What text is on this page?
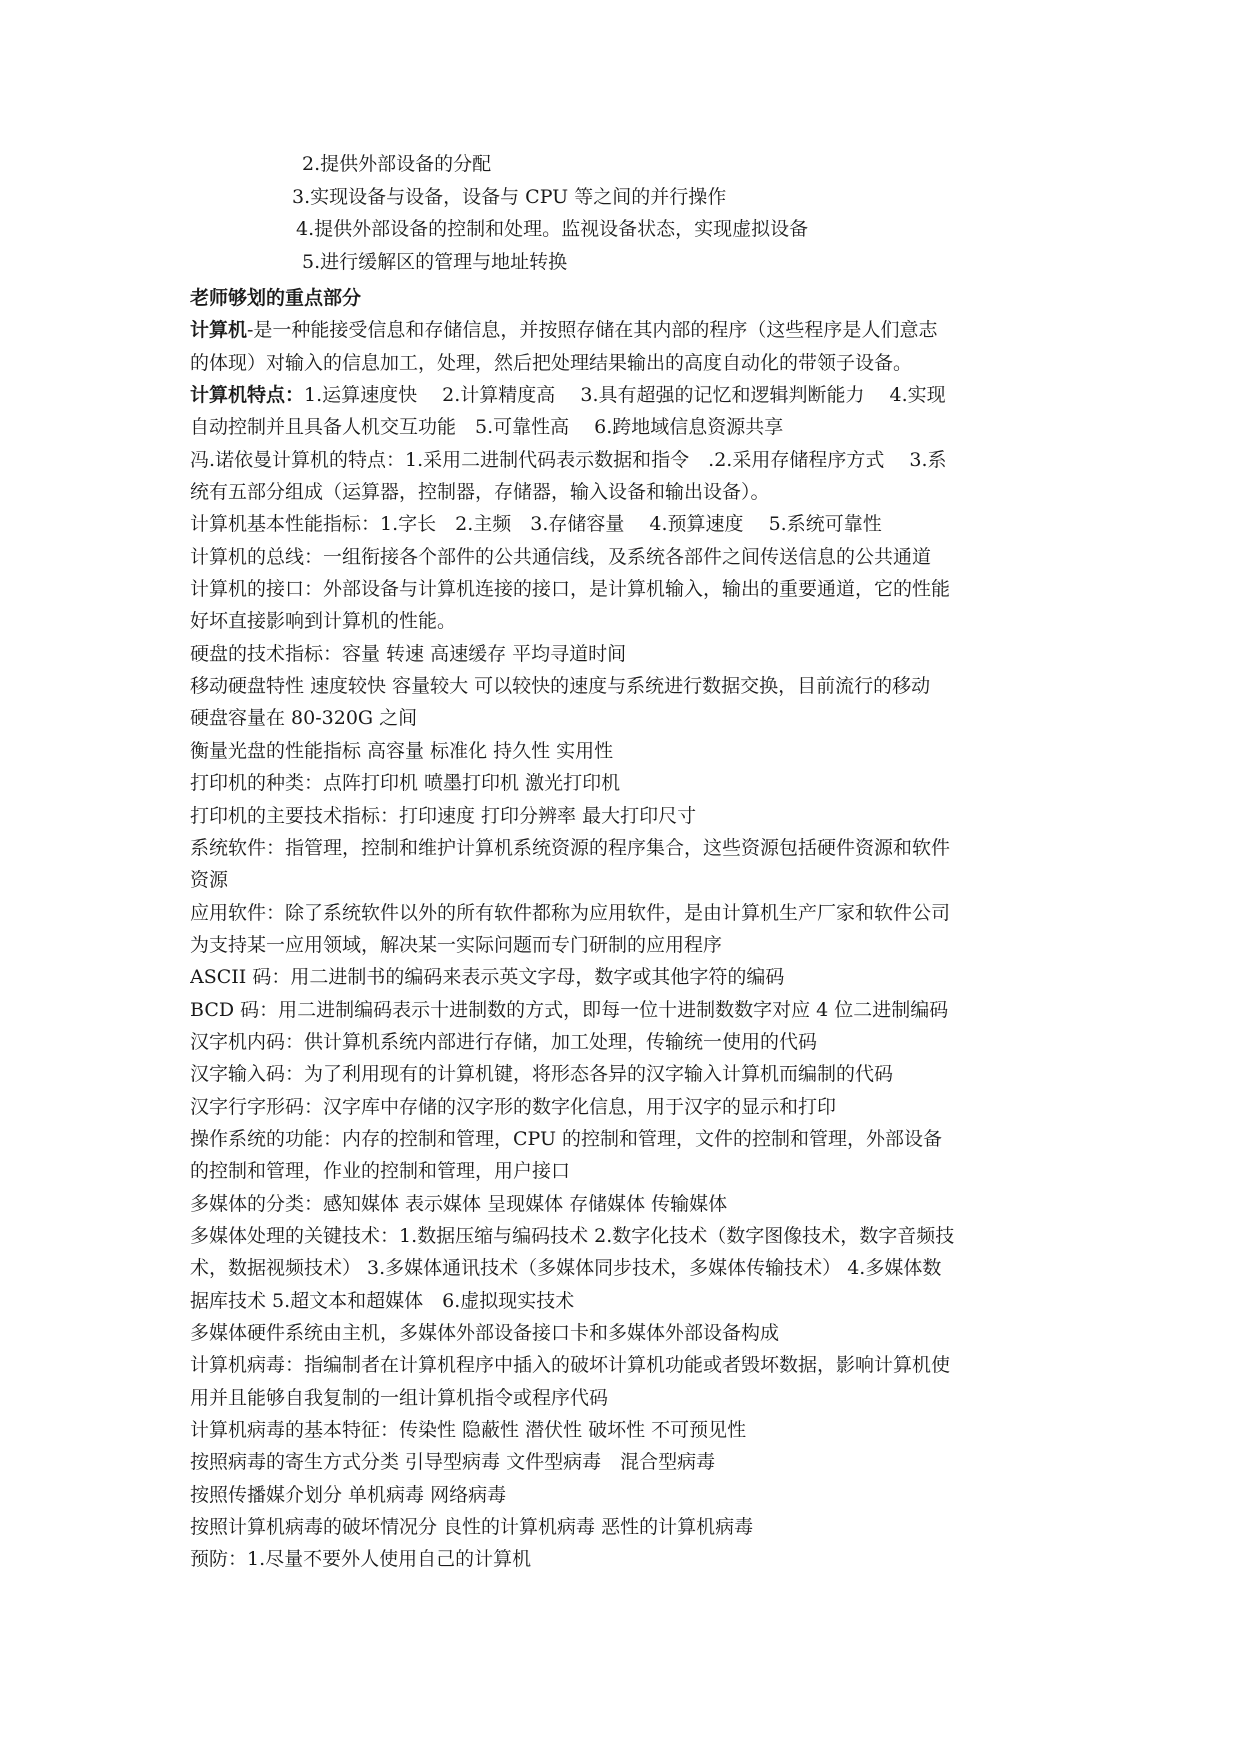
2.提供外部设备的分配
3.实现设备与设备，设备与 CPU 等之间的并行操作
4.提供外部设备的控制和处理。监视设备状态，实现虚拟设备
5.进行缓解区的管理与地址转换
老师够划的重点部分
计算机-是一种能接受信息和存储信息，并按照存储在其内部的程序（这些程序是人们意志
的体现）对输入的信息加工，处理，然后把处理结果输出的高度自动化的带领子设备。
计算机特点：1.运算速度快　 2.计算精度高　 3.具有超强的记忆和逻辑判断能力　 4.实现
自动控制并且具备人机交互功能　5.可靠性高　 6.跨地域信息资源共享
冯.诺依曼计算机的特点：1.采用二进制代码表示数据和指令　.2.采用存储程序方式　 3.系
统有五部分组成（运算器，控制器，存储器，输入设备和输出设备）。
计算机基本性能指标：1.字长　2.主频　3.存储容量　 4.预算速度　 5.系统可靠性
计算机的总线：一组衔接各个部件的公共通信线，及系统各部件之间传送信息的公共通道
计算机的接口：外部设备与计算机连接的接口，是计算机输入，输出的重要通道，它的性能
好坏直接影响到计算机的性能。
硬盘的技术指标：容量 转速 高速缓存 平均寻道时间
移动硬盘特性 速度较快 容量较大 可以较快的速度与系统进行数据交换，目前流行的移动
硬盘容量在 80-320G 之间
衡量光盘的性能指标 高容量 标准化 持久性 实用性
打印机的种类：点阵打印机 喷墨打印机 激光打印机
打印机的主要技术指标：打印速度 打印分辨率 最大打印尺寸
系统软件：指管理，控制和维护计算机系统资源的程序集合，这些资源包括硬件资源和软件
资源
应用软件：除了系统软件以外的所有软件都称为应用软件，是由计算机生产厂家和软件公司
为支持某一应用领域，解决某一实际问题而专门研制的应用程序
ASCII 码：用二进制书的编码来表示英文字母，数字或其他字符的编码
BCD 码：用二进制编码表示十进制数的方式，即每一位十进制数数字对应 4 位二进制编码
汉字机内码：供计算机系统内部进行存储，加工处理，传输统一使用的代码
汉字输入码：为了利用现有的计算机键，将形态各异的汉字输入计算机而编制的代码
汉字行字形码：汉字库中存储的汉字形的数字化信息，用于汉字的显示和打印
操作系统的功能：内存的控制和管理，CPU 的控制和管理，文件的控制和管理，外部设备
的控制和管理，作业的控制和管理，用户接口
多媒体的分类：感知媒体 表示媒体 呈现媒体 存储媒体 传输媒体
多媒体处理的关键技术：1.数据压缩与编码技术 2.数字化技术（数字图像技术，数字音频技
术，数据视频技术） 3.多媒体通讯技术（多媒体同步技术，多媒体传输技术） 4.多媒体数
据库技术 5.超文本和超媒体　6.虚拟现实技术
多媒体硬件系统由主机，多媒体外部设备接口卡和多媒体外部设备构成
计算机病毒：指编制者在计算机程序中插入的破坏计算机功能或者毁坏数据，影响计算机使
用并且能够自我复制的一组计算机指令或程序代码
计算机病毒的基本特征：传染性 隐蔽性 潜伏性 破坏性 不可预见性
按照病毒的寄生方式分类 引导型病毒 文件型病毒　混合型病毒
按照传播媒介划分 单机病毒 网络病毒
按照计算机病毒的破坏情况分 良性的计算机病毒 恶性的计算机病毒
预防：1.尽量不要外人使用自己的计算机
